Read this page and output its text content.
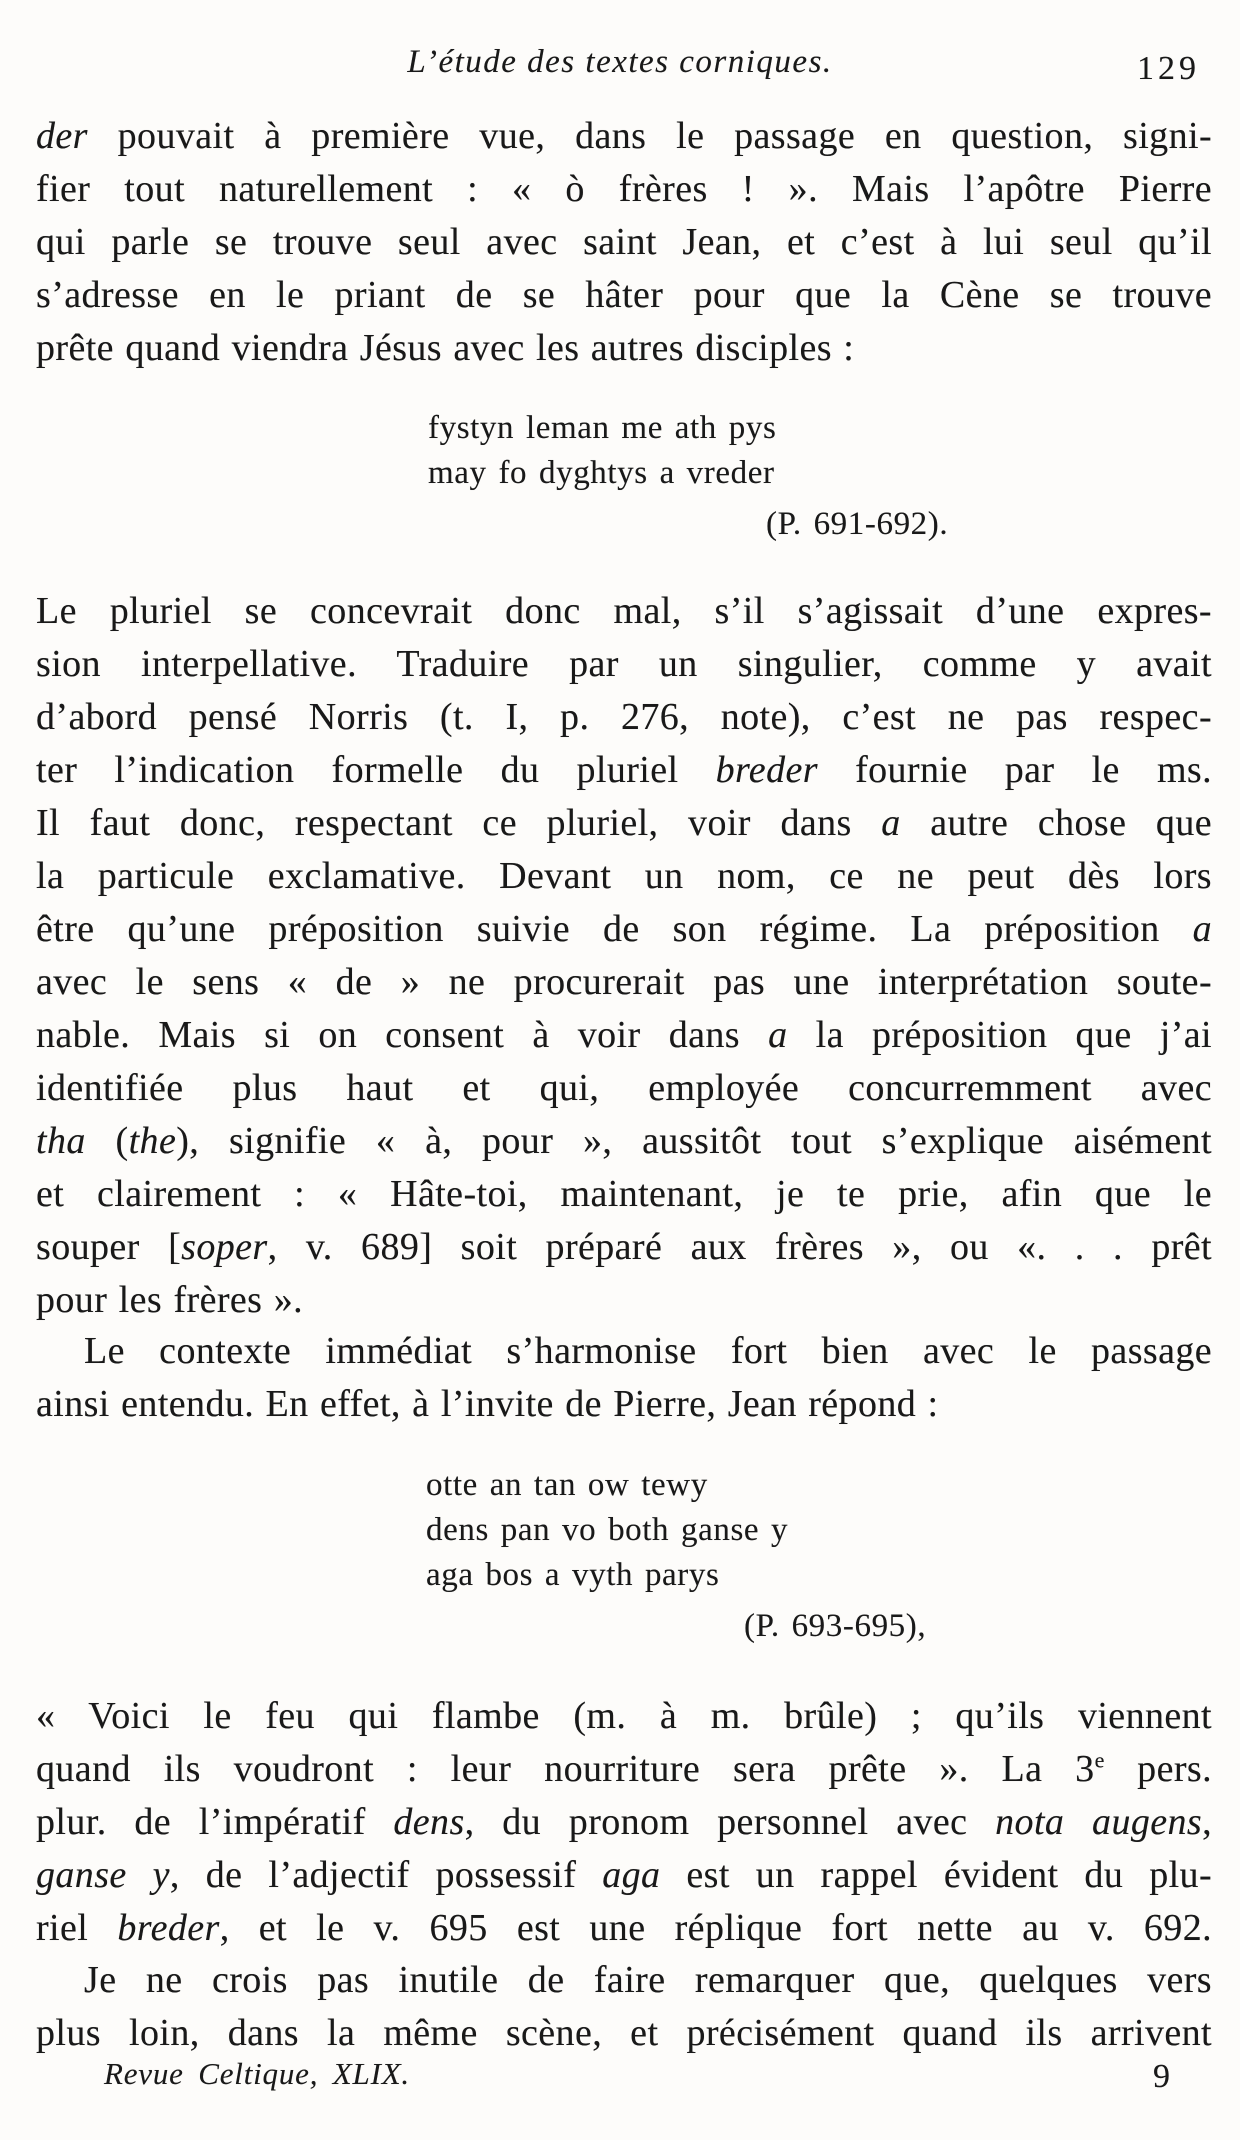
L’étude des textes corniques.	129
der pouvait à première vue, dans le passage en question, signi-
fier tout naturellement : « ò frères ! ». Mais l’apôtre Pierre
qui parle se trouve seul avec saint Jean, et c’est à lui seul qu’il
s’adresse en le priant de se hâter pour que la Cène se trouve
prête quand viendra Jésus avec les autres disciples :
fystyn leman me ath pys
may fo dyghtys a vreder
(P. 691-692).
Le pluriel se concevrait donc mal, s’il s’agissait d’une expres-
sion interpellative. Traduire par un singulier, comme y avait
d’abord pensé Norris (t. I, p. 276, note), c’est ne pas respec-
ter l’indication formelle du pluriel breder fournie par le ms.
Il faut donc, respectant ce pluriel, voir dans a autre chose que
la particule exclamative. Devant un nom, ce ne peut dès lors
être qu’une préposition suivie de son régime. La préposition a
avec le sens « de » ne procurerait pas une interprétation soute-
nable. Mais si on consent à voir dans a la préposition que j’ai
identifiée plus haut et qui, employée concurremment avec
tha (the), signifie « à, pour », aussitôt tout s’explique aisément
et clairement : « Hâte-toi, maintenant, je te prie, afin que le
souper [soper, v. 689] soit préparé aux frères », ou «. . . prêt
pour les frères ».
Le contexte immédiat s’harmonise fort bien avec le passage
ainsi entendu. En effet, à l’invite de Pierre, Jean répond :
otte an tan ow tewy
dens pan vo both ganse y
aga bos a vyth parys
(P. 693-695),
« Voici le feu qui flambe (m. à m. brûle) ; qu’ils viennent
quand ils voudront : leur nourriture sera prête ». La 3e pers.
plur. de l’impératif dens, du pronom personnel avec nota augens,
ganse y, de l’adjectif possessif aga est un rappel évident du plu-
riel breder, et le v. 695 est une réplique fort nette au v. 692.
Je ne crois pas inutile de faire remarquer que, quelques vers
plus loin, dans la même scène, et précisément quand ils arrivent
Revue Celtique, XLIX.	9
